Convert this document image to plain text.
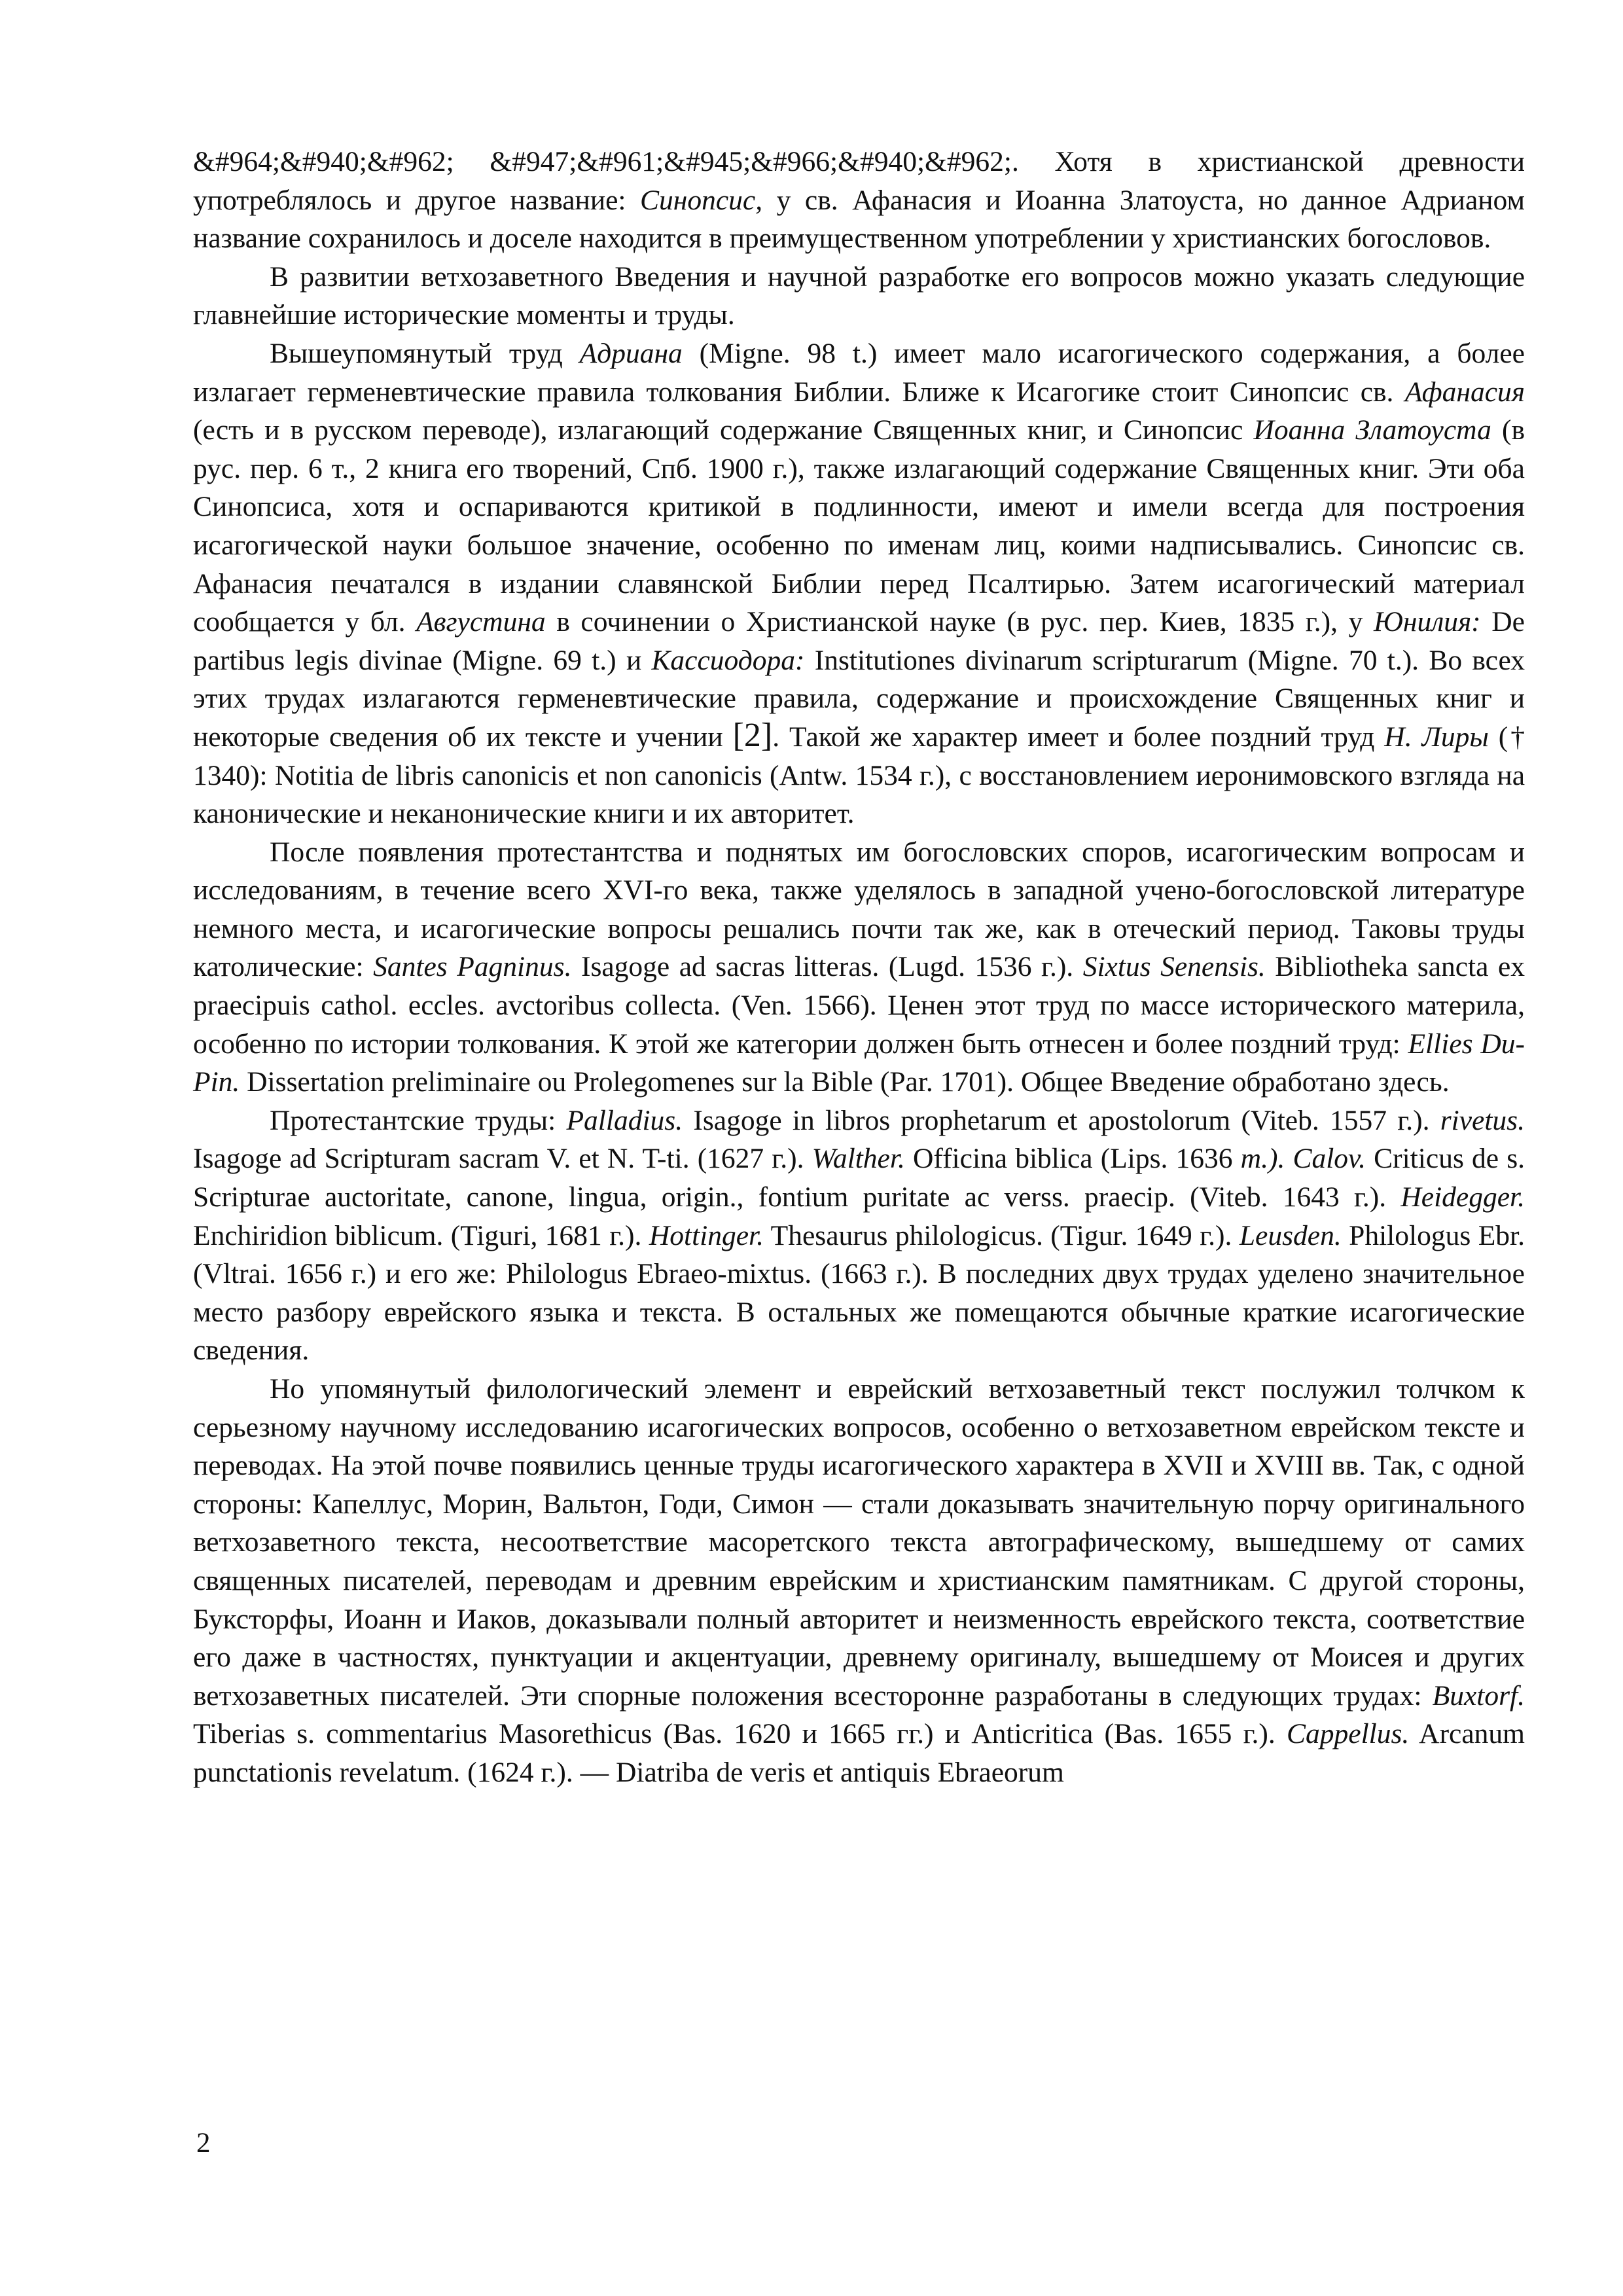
&#964;&#940;&#962; &#947;&#961;&#945;&#966;&#940;&#962;. Хотя в христианской древности употреблялось и другое название: Синопсис, у св. Афанасия и Иоанна Златоуста, но данное Адрианом название сохранилось и доселе находится в преимущественном употреблении у христианских богословов.

В развитии ветхозаветного Введения и научной разработке его вопросов можно указать следующие главнейшие исторические моменты и труды.

Вышеупомянутый труд Адриана (Migne. 98 t.) имеет мало исагогического содержания, а более излагает герменевтические правила толкования Библии. Ближе к Исагогике стоит Синопсис св. Афанасия (есть и в русском переводе), излагающий содержание Священных книг, и Синопсис Иоанна Златоуста (в рус. пер. 6 т., 2 книга его творений, Спб. 1900 г.), также излагающий содержание Священных книг. Эти оба Синопсиса, хотя и оспариваются критикой в подлинности, имеют и имели всегда для построения исагогической науки большое значение, особенно по именам лиц, коими надписывались. Синопсис св. Афанасия печатался в издании славянской Библии перед Псалтирью. Затем исагогический материал сообщается у бл. Августина в сочинении о Христианской науке (в рус. пер. Киев, 1835 г.), у Юнилия: De partibus legis divinae (Migne. 69 t.) и Кассиодора: Institutiones divinarum scripturarum (Migne. 70 t.). Во всех этих трудах излагаются герменевтические правила, содержание и происхождение Священных книг и некоторые сведения об их тексте и учении [2]. Такой же характер имеет и более поздний труд Н. Лиры († 1340): Notitia de libris canonicis et non canonicis (Antw. 1534 г.), с восстановлением иеронимовского взгляда на канонические и неканонические книги и их авторитет.

После появления протестантства и поднятых им богословских споров, исагогическим вопросам и исследованиям, в течение всего XVI-го века, также уделялось в западной учено-богословской литературе немного места, и исагогические вопросы решались почти так же, как в отеческий период. Таковы труды католические: Santes Pagninus. Isagoge ad sacras litteras. (Lugd. 1536 г.). Sixtus Senensis. Bibliotheka sancta ex praecipuis cathol. eccles. avctoribus collecta. (Ven. 1566). Ценен этот труд по массе исторического материла, особенно по истории толкования. К этой же категории должен быть отнесен и более поздний труд: Ellies Du-Pin. Dissertation preliminaire ou Prolegomenes sur la Bible (Par. 1701). Общее Введение обработано здесь.

Протестантские труды: Palladius. Isagoge in libros prophetarum et apostolorum (Viteb. 1557 г.). rivetus. Isagoge ad Scripturam sacram V. et N. T-ti. (1627 г.). Walther. Officina biblica (Lips. 1636 m.). Calov. Criticus de s. Scripturae auctoritate, canone, lingua, origin., fontium puritate ac verss. praecip. (Viteb. 1643 г.). Heidegger. Enchiridion biblicum. (Tiguri, 1681 г.). Hottinger. Thesaurus philologicus. (Tigur. 1649 г.). Leusden. Philologus Ebr. (Vltrai. 1656 г.) и его же: Philologus Ebraeo-mixtus. (1663 г.). В последних двух трудах уделено значительное место разбору еврейского языка и текста. В остальных же помещаются обычные краткие исагогические сведения.

Но упомянутый филологический элемент и еврейский ветхозаветный текст послужил толчком к серьезному научному исследованию исагогических вопросов, особенно о ветхозаветном еврейском тексте и переводах. На этой почве появились ценные труды исагогического характера в XVII и XVIII вв. Так, с одной стороны: Капеллус, Морин, Вальтон, Годи, Симон — стали доказывать значительную порчу оригинального ветхозаветного текста, несоответствие масоретского текста автографическому, вышедшему от самих священных писателей, переводам и древним еврейским и христианским памятникам. С другой стороны, Буксторфы, Иоанн и Иаков, доказывали полный авторитет и неизменность еврейского текста, соответствие его даже в частностях, пунктуации и акцентуации, древнему оригиналу, вышедшему от Моисея и других ветхозаветных писателей. Эти спорные положения всесторонне разработаны в следующих трудах: Buxtorf. Tiberias s. commentarius Masorethicus (Bas. 1620 и 1665 гг.) и Anticritica (Bas. 1655 г.). Cappellus. Arcanum punctationis revelatum. (1624 г.). — Diatriba de veris et antiquis Ebraeorum

2
